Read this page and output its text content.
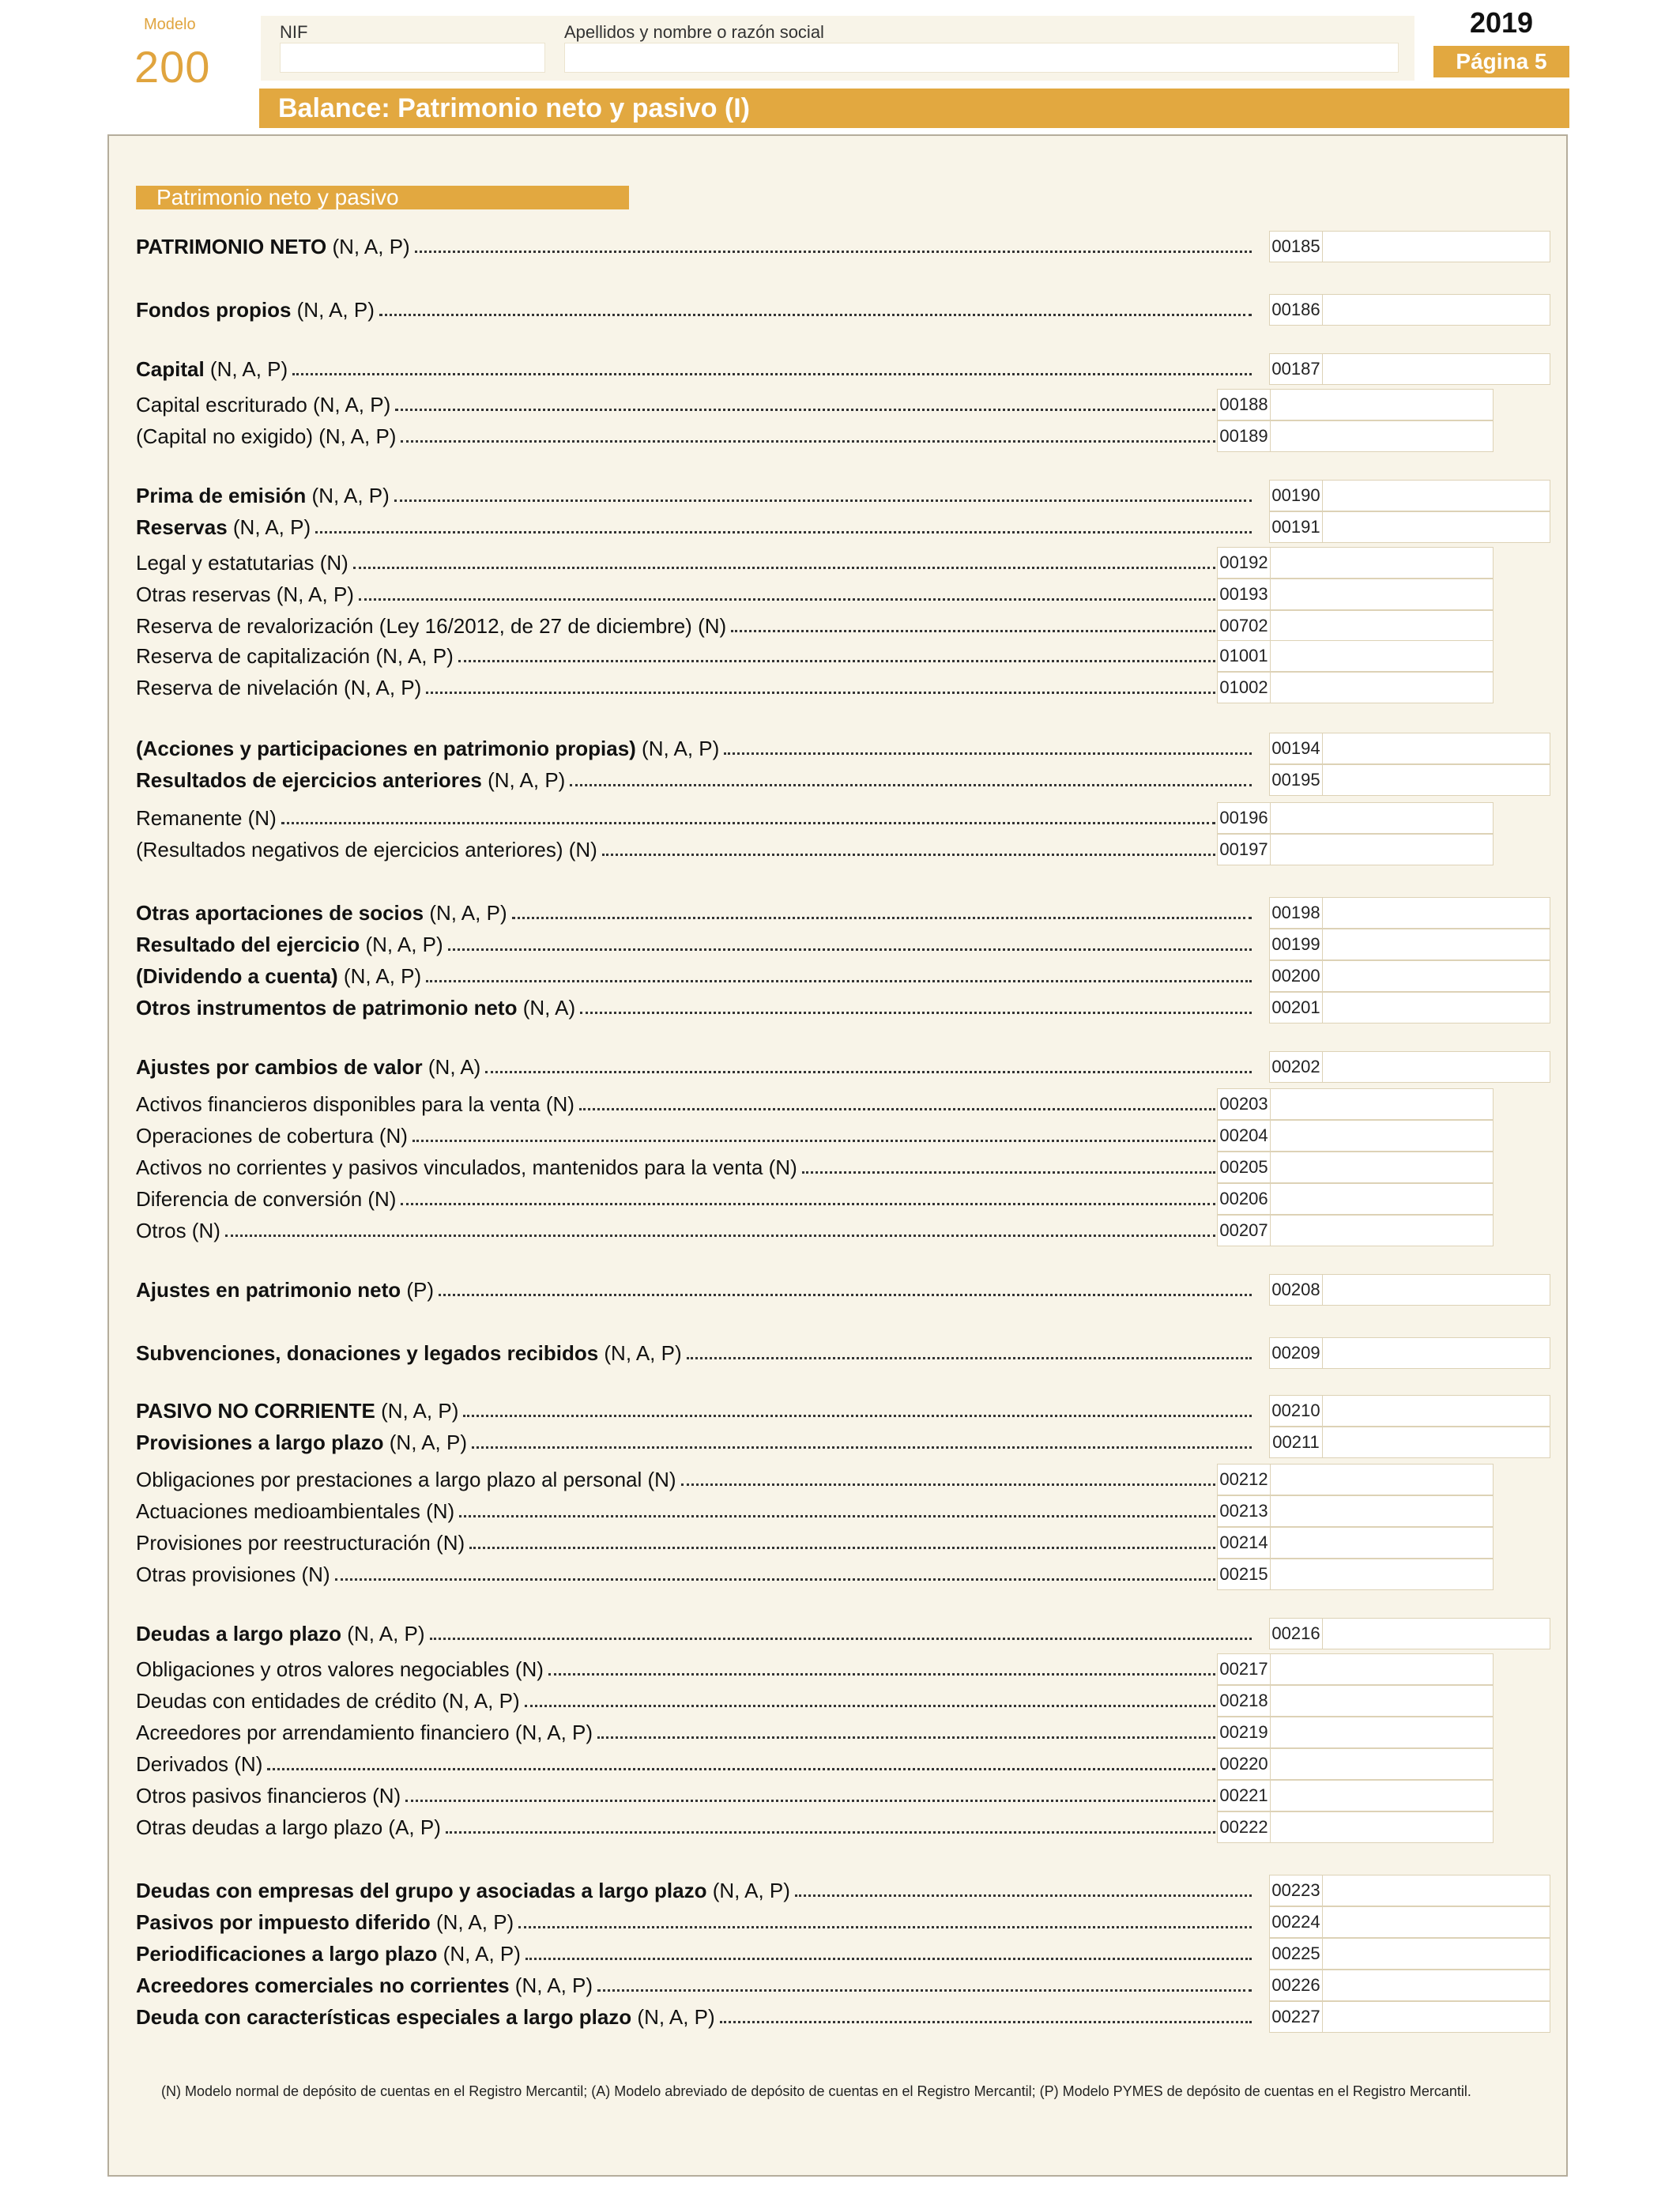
Modelo
200
NIF	Apellidos y nombre o razón social	2019
Página 5
Balance: Patrimonio neto y pasivo (I)
Patrimonio neto y pasivo
PATRIMONIO NETO (N, A, P)	00185
Fondos propios (N, A, P)	00186
Capital (N, A, P)	00187
Capital escriturado (N, A, P)	00188
(Capital no exigido) (N, A, P)	00189
Prima de emisión (N, A, P)	00190
Reservas (N, A, P)	00191
Legal y estatutarias (N)	00192
Otras reservas (N, A, P)	00193
Reserva de revalorización (Ley 16/2012, de 27 de diciembre) (N)	00702
Reserva de capitalización (N, A, P)	01001
Reserva de nivelación (N, A, P)	01002
(Acciones y participaciones en patrimonio propias) (N, A, P)	00194
Resultados de ejercicios anteriores (N, A, P)	00195
Remanente (N)	00196
(Resultados negativos de ejercicios anteriores) (N)	00197
Otras aportaciones de socios (N, A, P)	00198
Resultado del ejercicio (N, A, P)	00199
(Dividendo a cuenta) (N, A, P)	00200
Otros instrumentos de patrimonio neto (N, A)	00201
Ajustes por cambios de valor (N, A)	00202
Activos financieros disponibles para la venta (N)	00203
Operaciones de cobertura (N)	00204
Activos no corrientes y pasivos vinculados, mantenidos para la venta (N)	00205
Diferencia de conversión (N)	00206
Otros (N)	00207
Ajustes en patrimonio neto (P)	00208
Subvenciones, donaciones y legados recibidos (N, A, P)	00209
PASIVO NO CORRIENTE (N, A, P)	00210
Provisiones a largo plazo (N, A, P)	00211
Obligaciones por prestaciones a largo plazo al personal (N)	00212
Actuaciones medioambientales (N)	00213
Provisiones por reestructuración (N)	00214
Otras provisiones (N)	00215
Deudas a largo plazo (N, A, P)	00216
Obligaciones y otros valores negociables (N)	00217
Deudas con entidades de crédito (N, A, P)	00218
Acreedores por arrendamiento financiero (N, A, P)	00219
Derivados (N)	00220
Otros pasivos financieros (N)	00221
Otras deudas a largo plazo (A, P)	00222
Deudas con empresas del grupo y asociadas a largo plazo (N, A, P)	00223
Pasivos por impuesto diferido (N, A, P)	00224
Periodificaciones a largo plazo (N, A, P)	00225
Acreedores comerciales no corrientes (N, A, P)	00226
Deuda con características especiales a largo plazo (N, A, P)	00227
(N) Modelo normal de depósito de cuentas en el Registro Mercantil; (A) Modelo abreviado de depósito de cuentas en el Registro Mercantil; (P) Modelo PYMES de depósito de cuentas en el Registro Mercantil.
